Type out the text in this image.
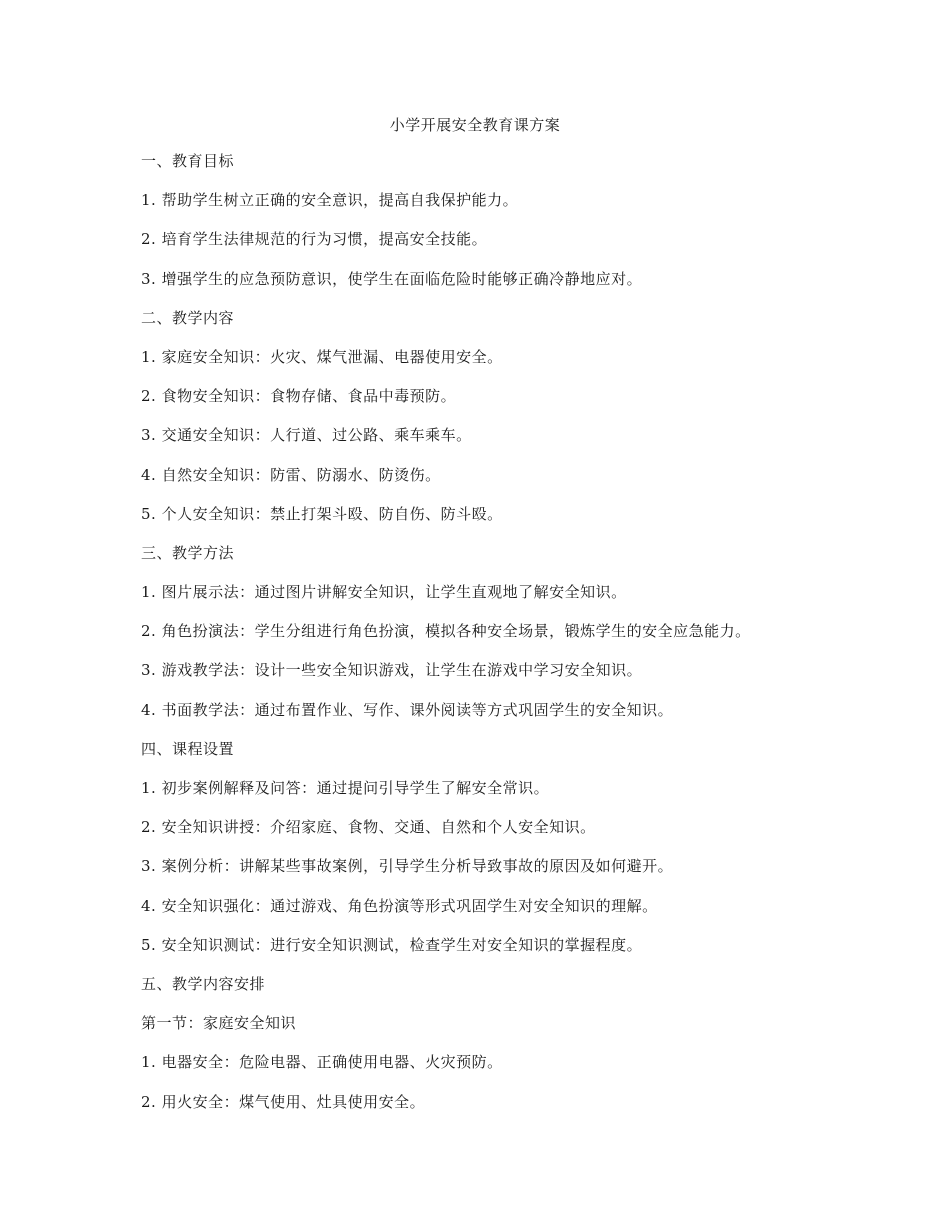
小学开展安全教育课方案
一、教育目标
1. 帮助学生树立正确的安全意识，提高自我保护能力。
2. 培育学生法律规范的行为习惯，提高安全技能。
3. 增强学生的应急预防意识，使学生在面临危险时能够正确冷静地应对。
二、教学内容
1. 家庭安全知识：火灾、煤气泄漏、电器使用安全。
2. 食物安全知识：食物存储、食品中毒预防。
3. 交通安全知识：人行道、过公路、乘车乘车。
4. 自然安全知识：防雷、防溺水、防烫伤。
5. 个人安全知识：禁止打架斗殴、防自伤、防斗殴。
三、教学方法
1. 图片展示法：通过图片讲解安全知识，让学生直观地了解安全知识。
2. 角色扮演法：学生分组进行角色扮演，模拟各种安全场景，锻炼学生的安全应急能力。
3. 游戏教学法：设计一些安全知识游戏，让学生在游戏中学习安全知识。
4. 书面教学法：通过布置作业、写作、课外阅读等方式巩固学生的安全知识。
四、课程设置
1. 初步案例解释及问答：通过提问引导学生了解安全常识。
2. 安全知识讲授：介绍家庭、食物、交通、自然和个人安全知识。
3. 案例分析：讲解某些事故案例，引导学生分析导致事故的原因及如何避开。
4. 安全知识强化：通过游戏、角色扮演等形式巩固学生对安全知识的理解。
5. 安全知识测试：进行安全知识测试，检查学生对安全知识的掌握程度。
五、教学内容安排
第一节：家庭安全知识
1. 电器安全：危险电器、正确使用电器、火灾预防。
2. 用火安全：煤气使用、灶具使用安全。
